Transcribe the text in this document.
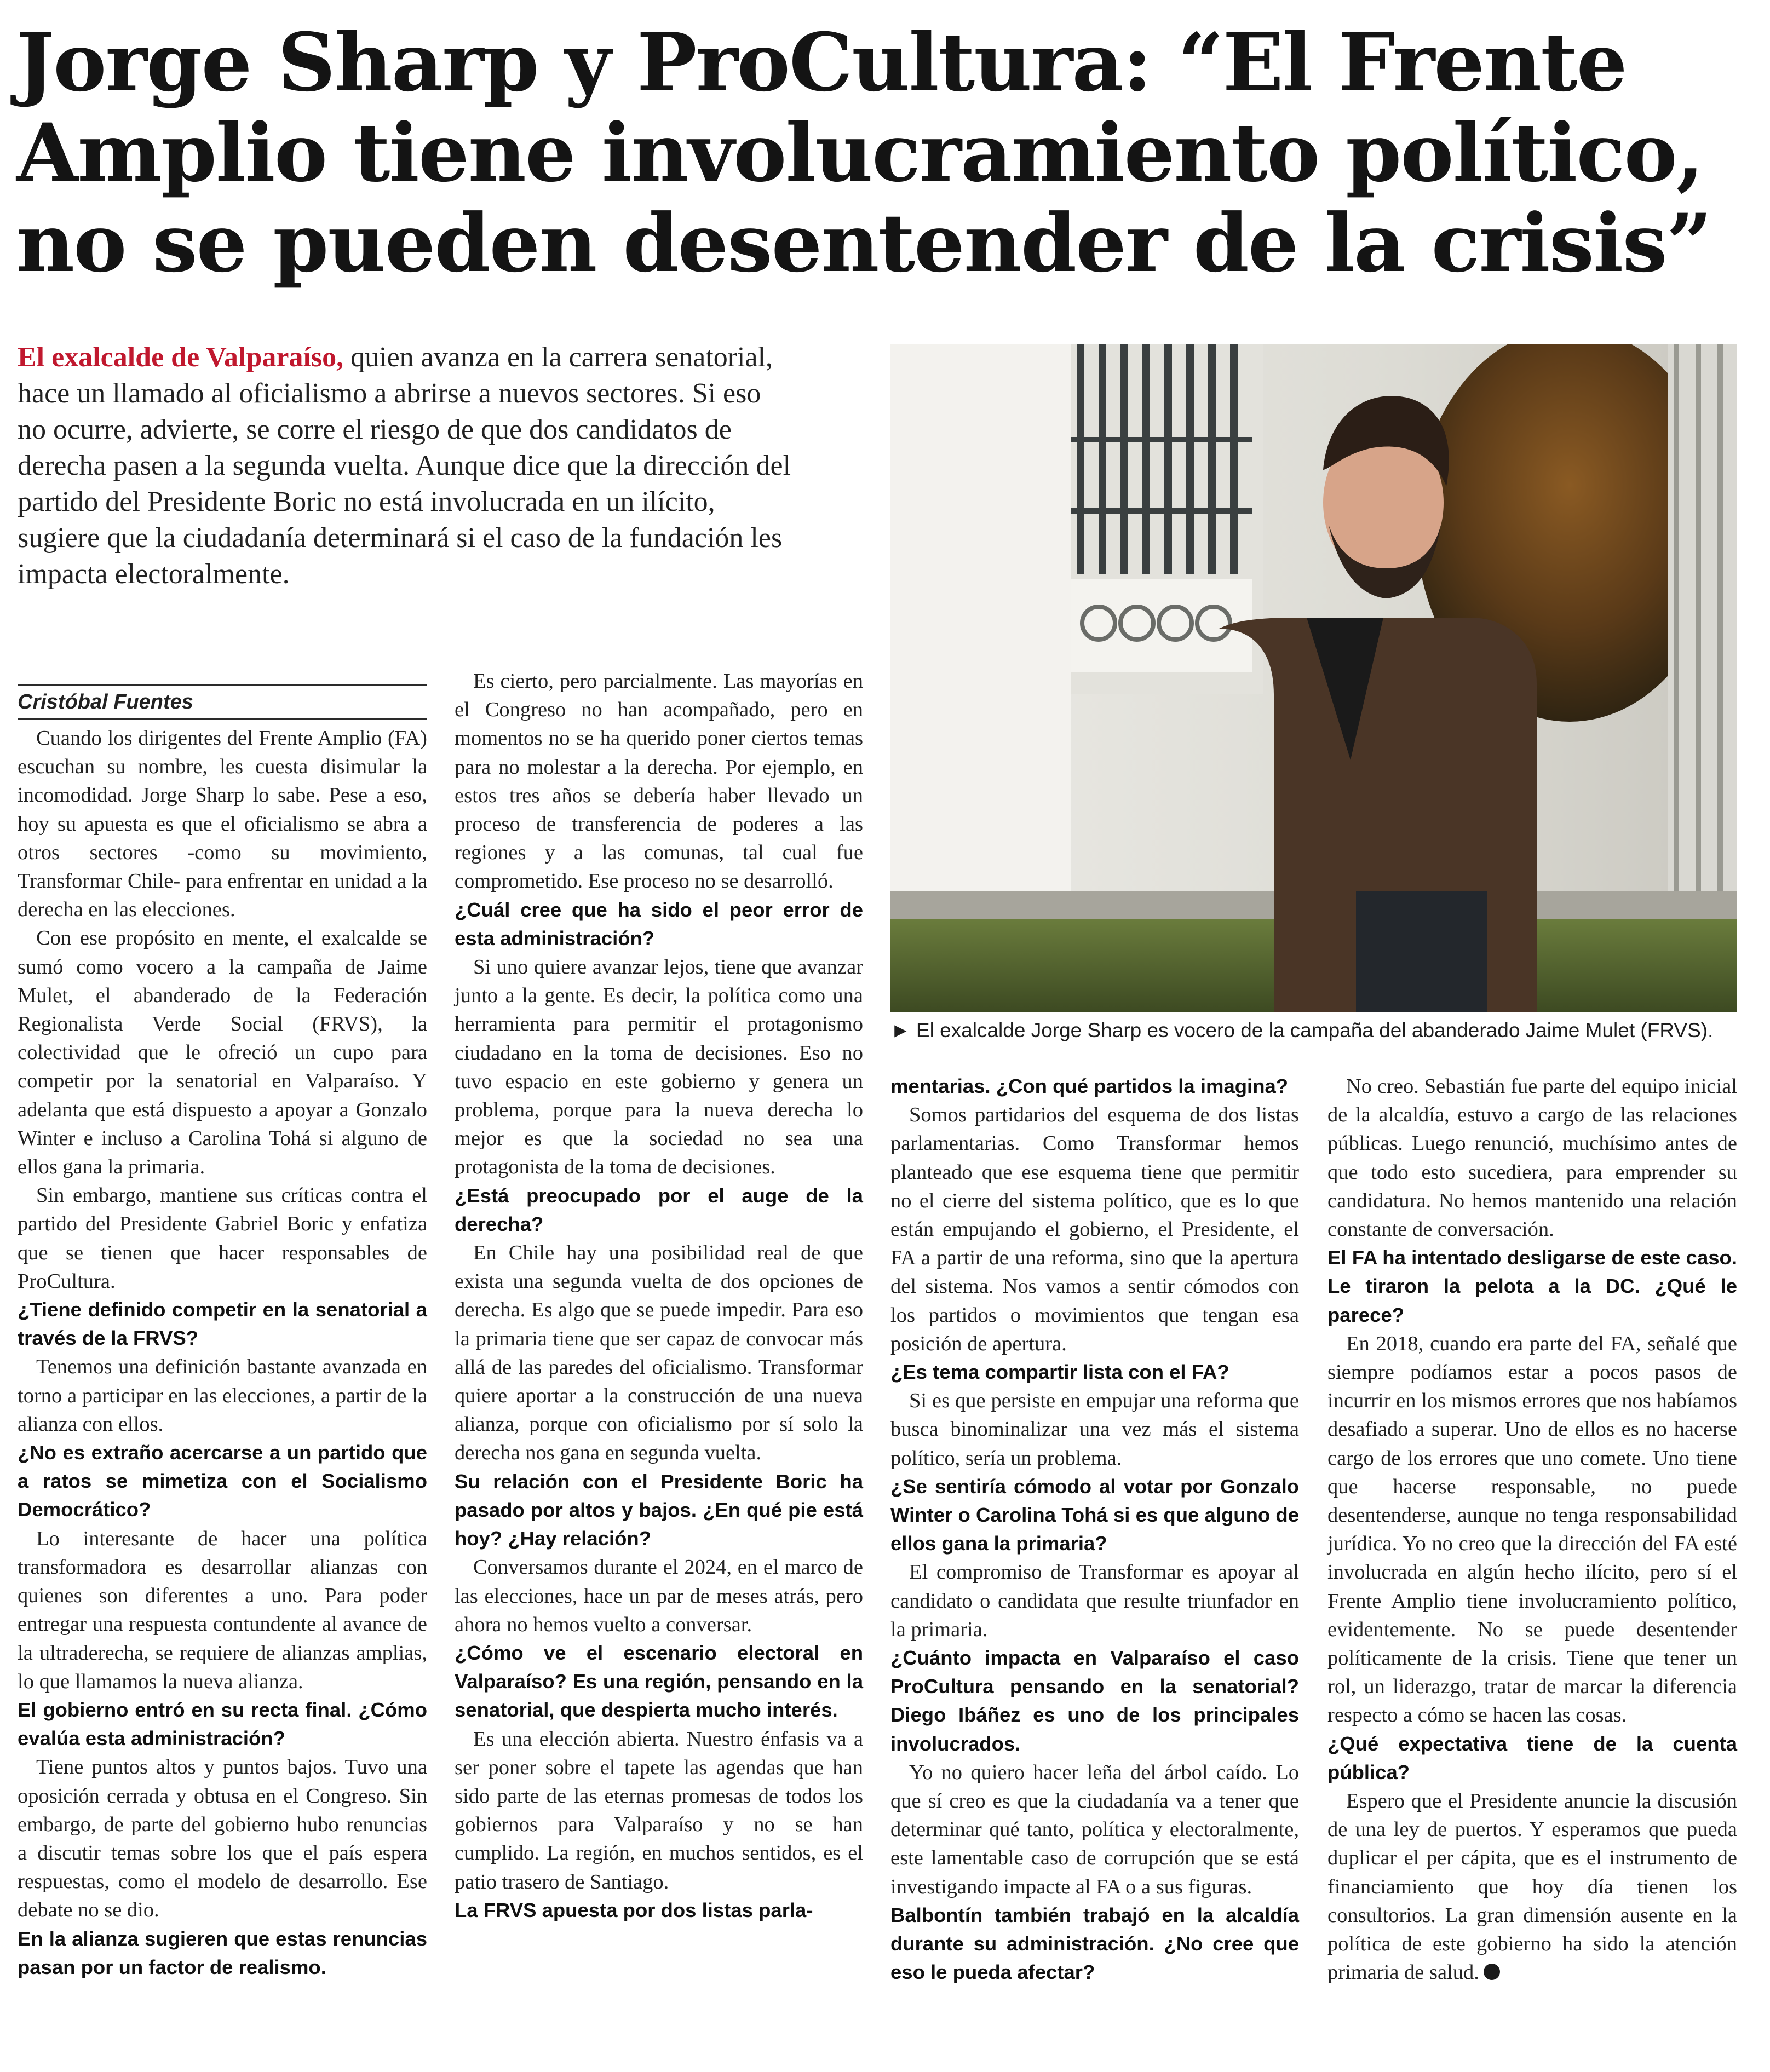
Jorge Sharp y ProCultura: “El Frente Amplio tiene involucramiento político, no se pueden desentender de la crisis”

El exalcalde de Valparaíso, quien avanza en la carrera senatorial, hace un llamado al oficialismo a abrirse a nuevos sectores. Si eso no ocurre, advierte, se corre el riesgo de que dos candidatos de derecha pasen a la segunda vuelta. Aunque dice que la dirección del partido del Presidente Boric no está involucrada en un ilícito, sugiere que la ciudadanía determinará si el caso de la fundación les impacta electoralmente.

► El exalcalde Jorge Sharp es vocero de la campaña del abanderado Jaime Mulet (FRVS).

Cristóbal Fuentes

Cuando los dirigentes del Frente Amplio (FA) escuchan su nombre, les cuesta disimular la incomodidad. Jorge Sharp lo sabe. Pese a eso, hoy su apuesta es que el oficialismo se abra a otros sectores -como su movimiento, Transformar Chile- para enfrentar en unidad a la derecha en las elecciones.

Con ese propósito en mente, el exalcalde se sumó como vocero a la campaña de Jaime Mulet, el abanderado de la Federación Regionalista Verde Social (FRVS), la colectividad que le ofreció un cupo para competir por la senatorial en Valparaíso. Y adelanta que está dispuesto a apoyar a Gonzalo Winter e incluso a Carolina Tohá si alguno de ellos gana la primaria.

Sin embargo, mantiene sus críticas contra el partido del Presidente Gabriel Boric y enfatiza que se tienen que hacer responsables de ProCultura.

¿Tiene definido competir en la senatorial a través de la FRVS?

Tenemos una definición bastante avanzada en torno a participar en las elecciones, a partir de la alianza con ellos.

¿No es extraño acercarse a un partido que a ratos se mimetiza con el Socialismo Democrático?

Lo interesante de hacer una política transformadora es desarrollar alianzas con quienes son diferentes a uno. Para poder entregar una respuesta contundente al avance de la ultraderecha, se requiere de alianzas amplias, lo que llamamos la nueva alianza.

El gobierno entró en su recta final. ¿Cómo evalúa esta administración?

Tiene puntos altos y puntos bajos. Tuvo una oposición cerrada y obtusa en el Congreso. Sin embargo, de parte del gobierno hubo renuncias a discutir temas sobre los que el país espera respuestas, como el modelo de desarrollo. Ese debate no se dio.

En la alianza sugieren que estas renuncias pasan por un factor de realismo.

Es cierto, pero parcialmente. Las mayorías en el Congreso no han acompañado, pero en momentos no se ha querido poner ciertos temas para no molestar a la derecha. Por ejemplo, en estos tres años se debería haber llevado un proceso de transferencia de poderes a las regiones y a las comunas, tal cual fue comprometido. Ese proceso no se desarrolló.

¿Cuál cree que ha sido el peor error de esta administración?

Si uno quiere avanzar lejos, tiene que avanzar junto a la gente. Es decir, la política como una herramienta para permitir el protagonismo ciudadano en la toma de decisiones. Eso no tuvo espacio en este gobierno y genera un problema, porque para la nueva derecha lo mejor es que la sociedad no sea una protagonista de la toma de decisiones.

¿Está preocupado por el auge de la derecha?

En Chile hay una posibilidad real de que exista una segunda vuelta de dos opciones de derecha. Es algo que se puede impedir. Para eso la primaria tiene que ser capaz de convocar más allá de las paredes del oficialismo. Transformar quiere aportar a la construcción de una nueva alianza, porque con oficialismo por sí solo la derecha nos gana en segunda vuelta.

Su relación con el Presidente Boric ha pasado por altos y bajos. ¿En qué pie está hoy? ¿Hay relación?

Conversamos durante el 2024, en el marco de las elecciones, hace un par de meses atrás, pero ahora no hemos vuelto a conversar.

¿Cómo ve el escenario electoral en Valparaíso? Es una región, pensando en la senatorial, que despierta mucho interés.

Es una elección abierta. Nuestro énfasis va a ser poner sobre el tapete las agendas que han sido parte de las eternas promesas de todos los gobiernos para Valparaíso y no se han cumplido. La región, en muchos sentidos, es el patio trasero de Santiago.

La FRVS apuesta por dos listas parla-

mentarias. ¿Con qué partidos la imagina?

Somos partidarios del esquema de dos listas parlamentarias. Como Transformar hemos planteado que ese esquema tiene que permitir no el cierre del sistema político, que es lo que están empujando el gobierno, el Presidente, el FA a partir de una reforma, sino que la apertura del sistema. Nos vamos a sentir cómodos con los partidos o movimientos que tengan esa posición de apertura.

¿Es tema compartir lista con el FA?

Si es que persiste en empujar una reforma que busca binominalizar una vez más el sistema político, sería un problema.

¿Se sentiría cómodo al votar por Gonzalo Winter o Carolina Tohá si es que alguno de ellos gana la primaria?

El compromiso de Transformar es apoyar al candidato o candidata que resulte triunfador en la primaria.

¿Cuánto impacta en Valparaíso el caso ProCultura pensando en la senatorial? Diego Ibáñez es uno de los principales involucrados.

Yo no quiero hacer leña del árbol caído. Lo que sí creo es que la ciudadanía va a tener que determinar qué tanto, política y electoralmente, este lamentable caso de corrupción que se está investigando impacte al FA o a sus figuras.

Balbontín también trabajó en la alcaldía durante su administración. ¿No cree que eso le pueda afectar?

No creo. Sebastián fue parte del equipo inicial de la alcaldía, estuvo a cargo de las relaciones públicas. Luego renunció, muchísimo antes de que todo esto sucediera, para emprender su candidatura. No hemos mantenido una relación constante de conversación.

El FA ha intentado desligarse de este caso. Le tiraron la pelota a la DC. ¿Qué le parece?

En 2018, cuando era parte del FA, señalé que siempre podíamos estar a pocos pasos de incurrir en los mismos errores que nos habíamos desafiado a superar. Uno de ellos es no hacerse cargo de los errores que uno comete. Uno tiene que hacerse responsable, no puede desentenderse, aunque no tenga responsabilidad jurídica. Yo no creo que la dirección del FA esté involucrada en algún hecho ilícito, pero sí el Frente Amplio tiene involucramiento político, evidentemente. No se puede desentender políticamente de la crisis. Tiene que tener un rol, un liderazgo, tratar de marcar la diferencia respecto a cómo se hacen las cosas.

¿Qué expectativa tiene de la cuenta pública?

Espero que el Presidente anuncie la discusión de una ley de puertos. Y esperamos que pueda duplicar el per cápita, que es el instrumento de financiamiento que hoy día tienen los consultorios. La gran dimensión ausente en la política de este gobierno ha sido la atención primaria de salud.
